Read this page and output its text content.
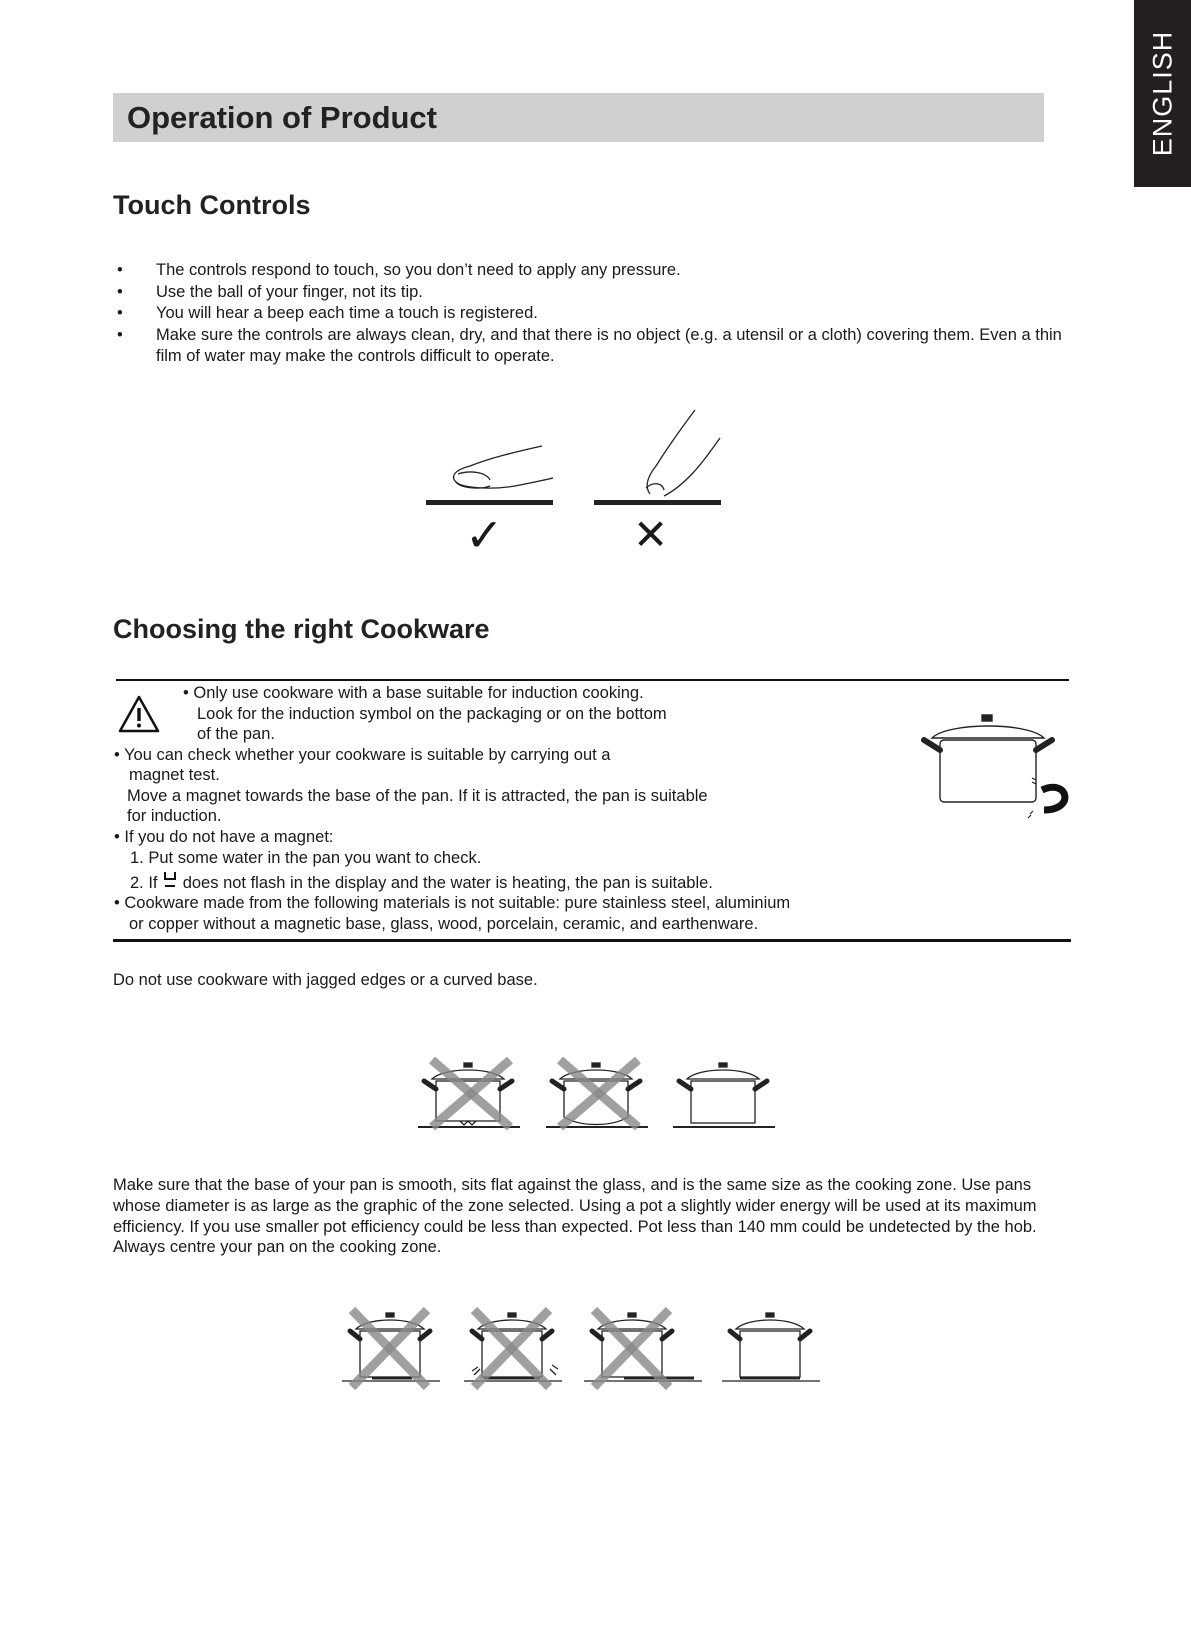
ENGLISH
Operation of Product
Touch Controls
• The controls respond to touch, so you don’t need to apply any pressure.
• Use the ball of your finger, not its tip.
• You will hear a beep each time a touch is registered.
• Make sure the controls are always clean, dry, and that there is no object (e.g. a utensil or a cloth) covering them. Even a thin film of water may make the controls difficult to operate.
✓	✕
Choosing the right Cookware
• Only use cookware with a base suitable for induction cooking.
Look for the induction symbol on the packaging or on the bottom
of the pan.
• You can check whether your cookware is suitable by carrying out a
magnet test.
Move a magnet towards the base of the pan. If it is attracted, the pan is suitable
for induction.
• If you do not have a magnet:
1. Put some water in the pan you want to check.
2. If does not flash in the display and the water is heating, the pan is suitable.
• Cookware made from the following materials is not suitable: pure stainless steel, aluminium
or copper without a magnetic base, glass, wood, porcelain, ceramic, and earthenware.
Do not use cookware with jagged edges or a curved base.
Make sure that the base of your pan is smooth, sits flat against the glass, and is the same size as the cooking zone. Use pans whose diameter is as large as the graphic of the zone selected. Using a pot a slightly wider energy will be used at its maximum efficiency. If you use smaller pot efficiency could be less than expected. Pot less than 140 mm could be undetected by the hob. Always centre your pan on the cooking zone.
